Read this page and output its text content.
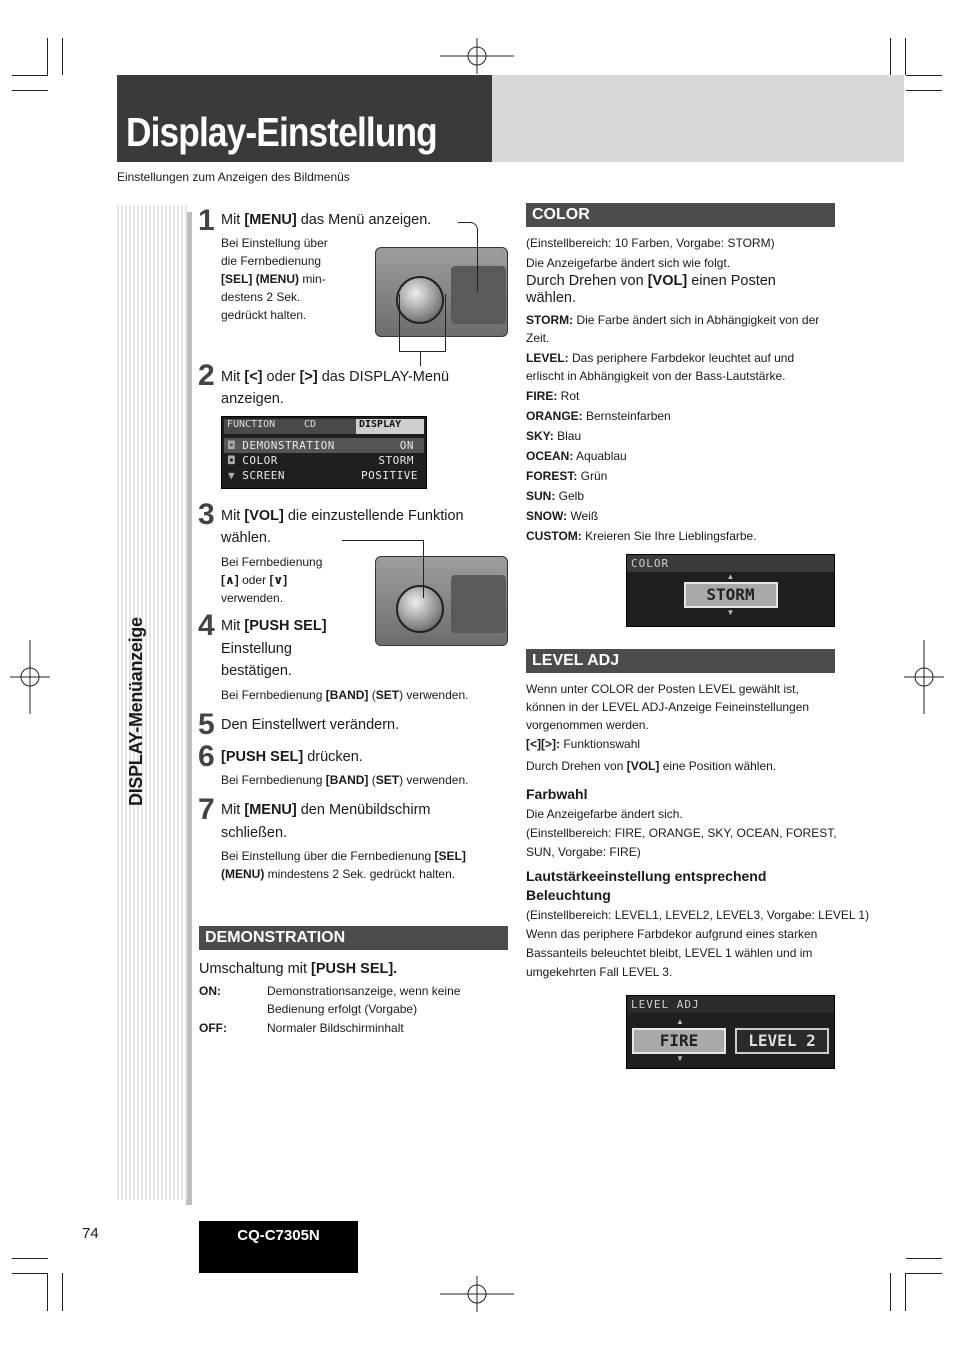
Display-Einstellung
Einstellungen zum Anzeigen des Bildmenüs
DISPLAY-Menüanzeige
1 Mit [MENU] das Menü anzeigen.
Bei Einstellung über
die Fernbedienung
[SEL] (MENU) min-
destens 2 Sek.
gedrückt halten.
2 Mit [<] oder [>] das DISPLAY-Menü
anzeigen.
FUNCTION	CD	DISPLAY
◘ DEMONSTRATION	ON
◘ COLOR	STORM
▼ SCREEN	POSITIVE
3 Mit [VOL] die einzustellende Funktion
wählen.
Bei Fernbedienung
[∧] oder [∨]
verwenden.
4 Mit [PUSH SEL]
Einstellung
bestätigen.
Bei Fernbedienung [BAND] (SET) verwenden.
5 Den Einstellwert verändern.
6 [PUSH SEL] drücken.
Bei Fernbedienung [BAND] (SET) verwenden.
7 Mit [MENU] den Menübildschirm
schließen.
Bei Einstellung über die Fernbedienung [SEL] (MENU) mindestens 2 Sek. gedrückt halten.
DEMONSTRATION
Umschaltung mit [PUSH SEL].
ON:	Demonstrationsanzeige, wenn keine
Bedienung erfolgt (Vorgabe)
OFF:	Normaler Bildschirminhalt
COLOR
(Einstellbereich: 10 Farben, Vorgabe: STORM)
Die Anzeigefarbe ändert sich wie folgt.
Durch Drehen von [VOL] einen Posten
wählen.
STORM: Die Farbe ändert sich in Abhängigkeit von der
Zeit.
LEVEL: Das periphere Farbdekor leuchtet auf und
erlischt in Abhängigkeit von der Bass-Lautstärke.
FIRE: Rot
ORANGE: Bernsteinfarben
SKY: Blau
OCEAN: Aquablau
FOREST: Grün
SUN: Gelb
SNOW: Weiß
CUSTOM: Kreieren Sie Ihre Lieblingsfarbe.
COLOR
▲
STORM
▼
LEVEL ADJ
Wenn unter COLOR der Posten LEVEL gewählt ist,
können in der LEVEL ADJ-Anzeige Feineinstellungen
vorgenommen werden.
[<][>]: Funktionswahl
Durch Drehen von [VOL] eine Position wählen.
Farbwahl
Die Anzeigefarbe ändert sich.
(Einstellbereich: FIRE, ORANGE, SKY, OCEAN, FOREST,
SUN, Vorgabe: FIRE)
Lautstärkeeinstellung entsprechend
Beleuchtung
(Einstellbereich: LEVEL1, LEVEL2, LEVEL3, Vorgabe: LEVEL 1)
Wenn das periphere Farbdekor aufgrund eines starken
Bassanteils beleuchtet bleibt, LEVEL 1 wählen und im
umgekehrten Fall LEVEL 3.
LEVEL ADJ
▲
FIRE
▼
LEVEL 2
74	CQ-C7305N
